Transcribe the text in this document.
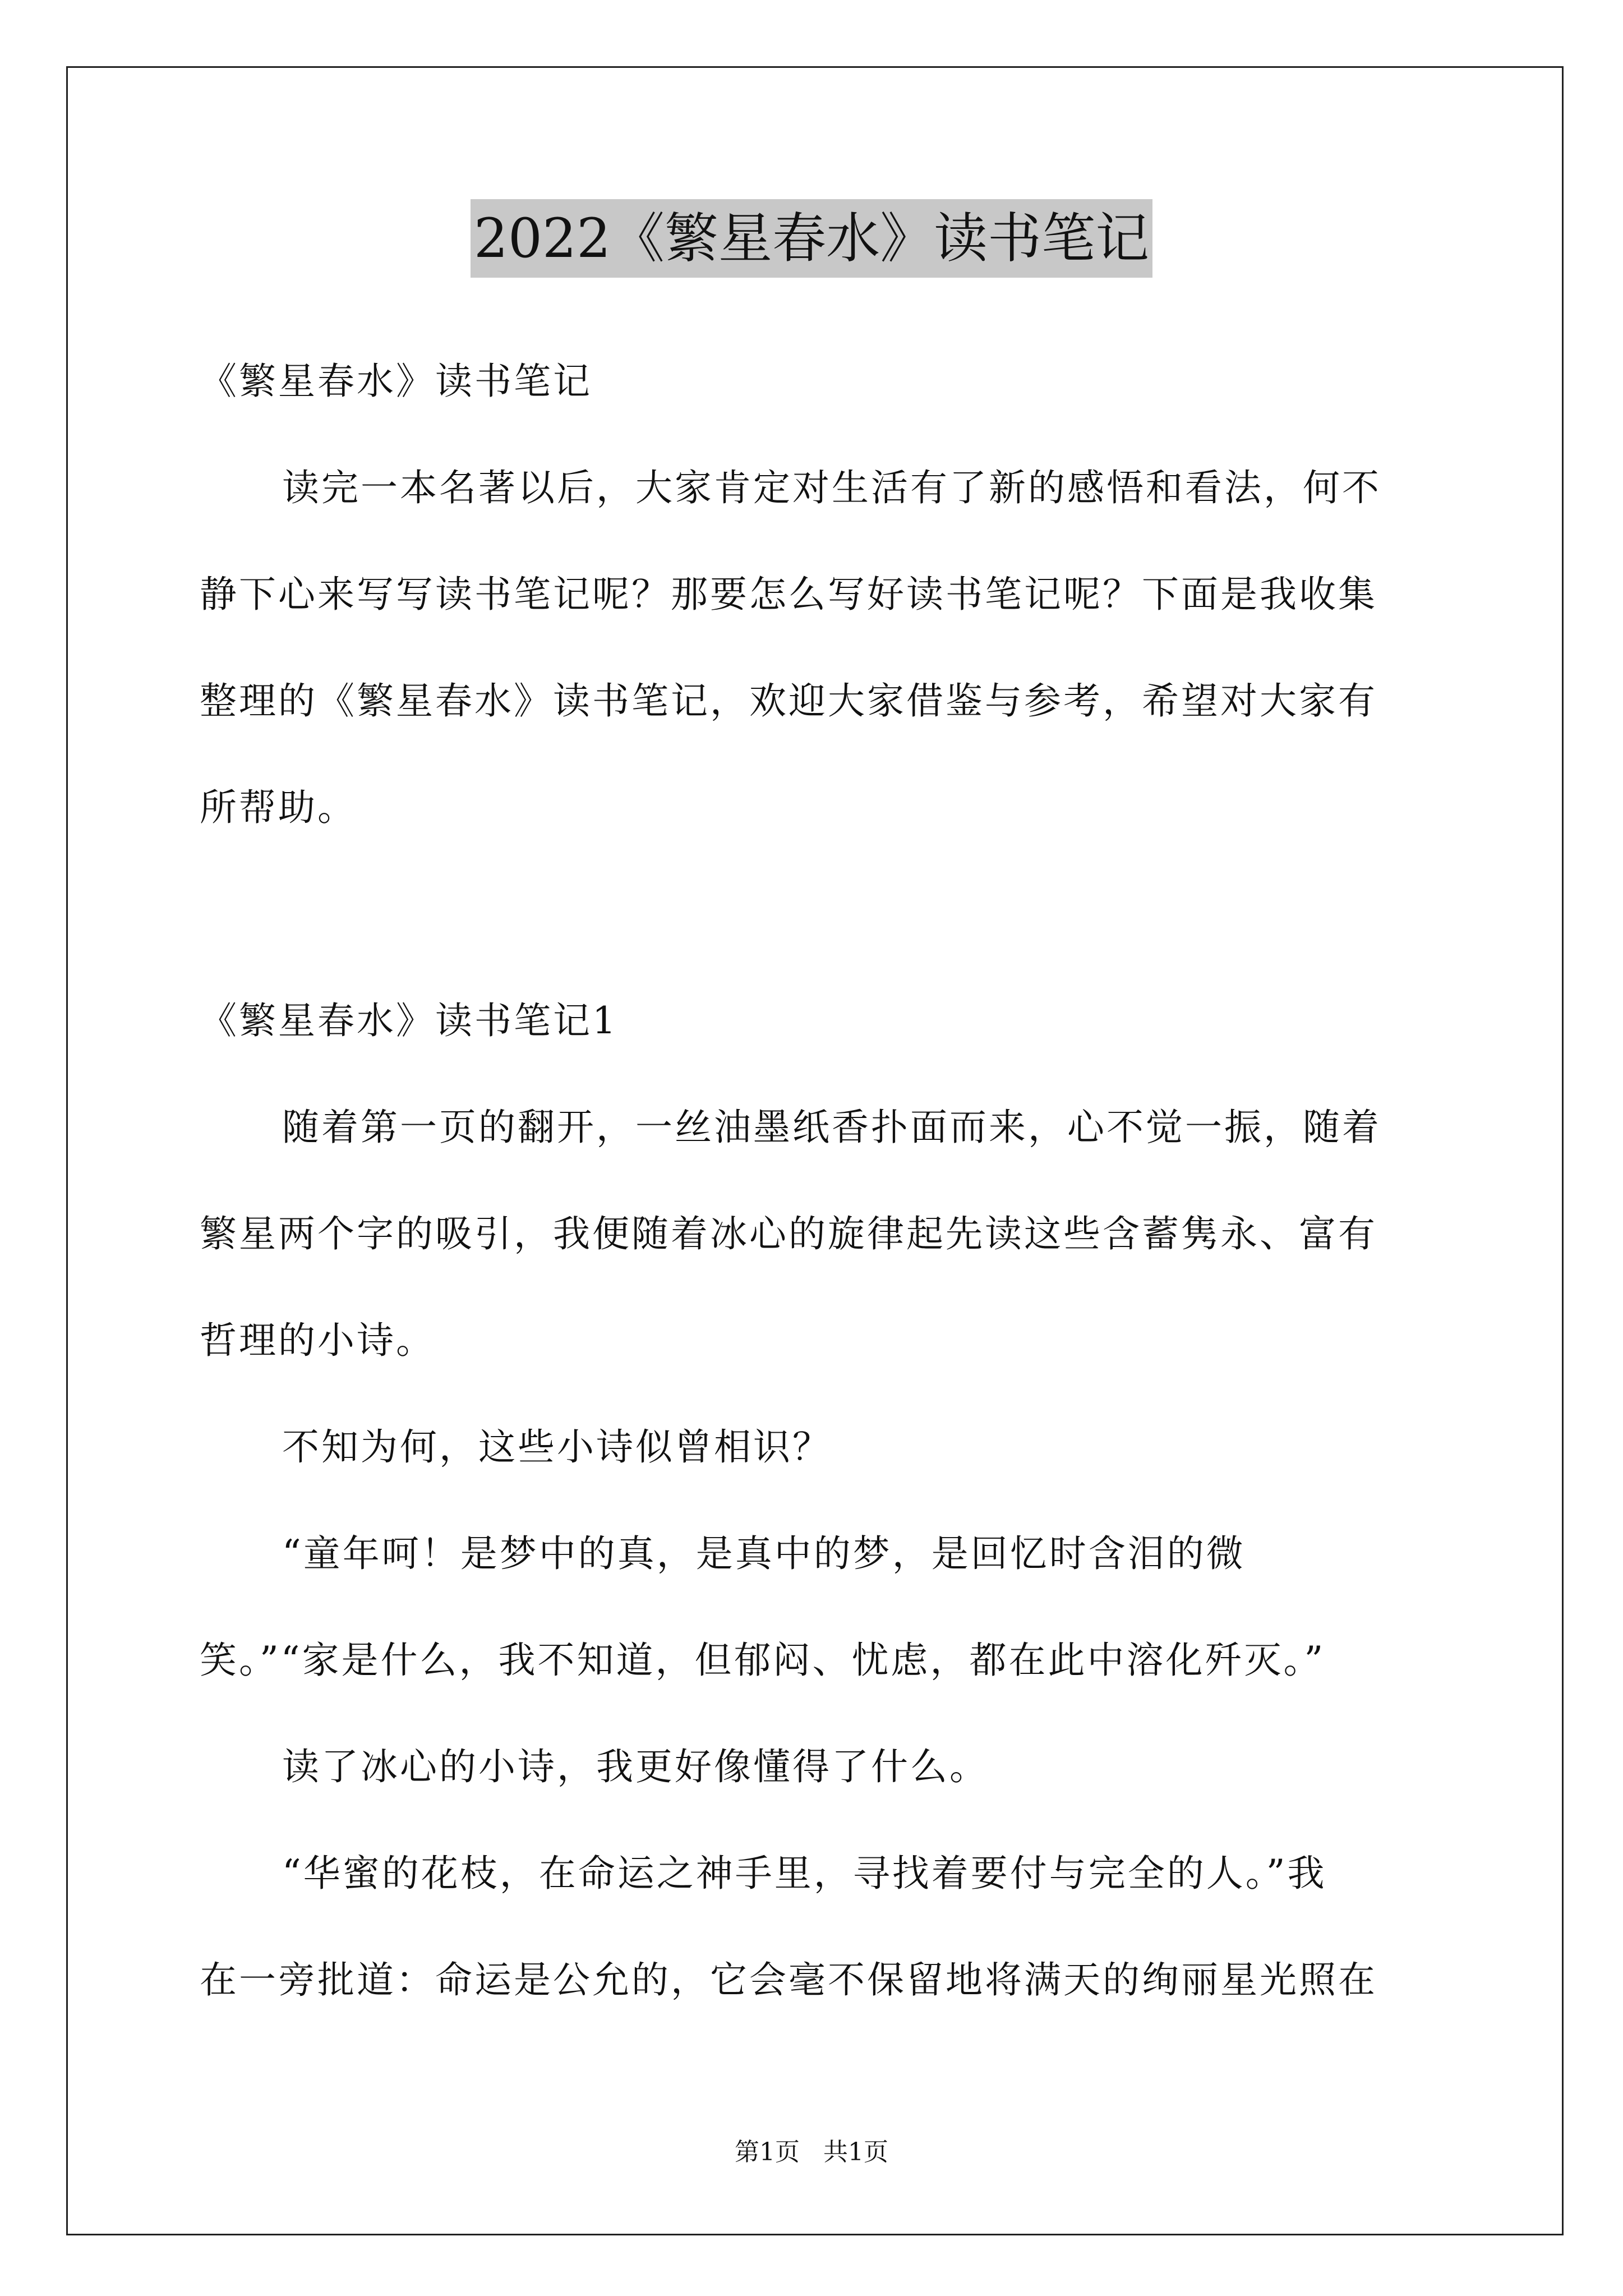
2022《繁星春水》读书笔记
《繁星春水》读书笔记
读完一本名著以后，大家肯定对生活有了新的感悟和看法，何不
静下心来写写读书笔记呢？那要怎么写好读书笔记呢？下面是我收集
整理的《繁星春水》读书笔记，欢迎大家借鉴与参考，希望对大家有
所帮助。
《繁星春水》读书笔记1
随着第一页的翻开，一丝油墨纸香扑面而来，心不觉一振，随着
繁星两个字的吸引，我便随着冰心的旋律起先读这些含蓄隽永、富有
哲理的小诗。
不知为何，这些小诗似曾相识？
“童年呵！是梦中的真，是真中的梦，是回忆时含泪的微
笑。”“家是什么，我不知道，但郁闷、忧虑，都在此中溶化歼灭。”
读了冰心的小诗，我更好像懂得了什么。
“华蜜的花枝，在命运之神手里，寻找着要付与完全的人。”我
在一旁批道：命运是公允的，它会毫不保留地将满天的绚丽星光照在
第1页 共1页
